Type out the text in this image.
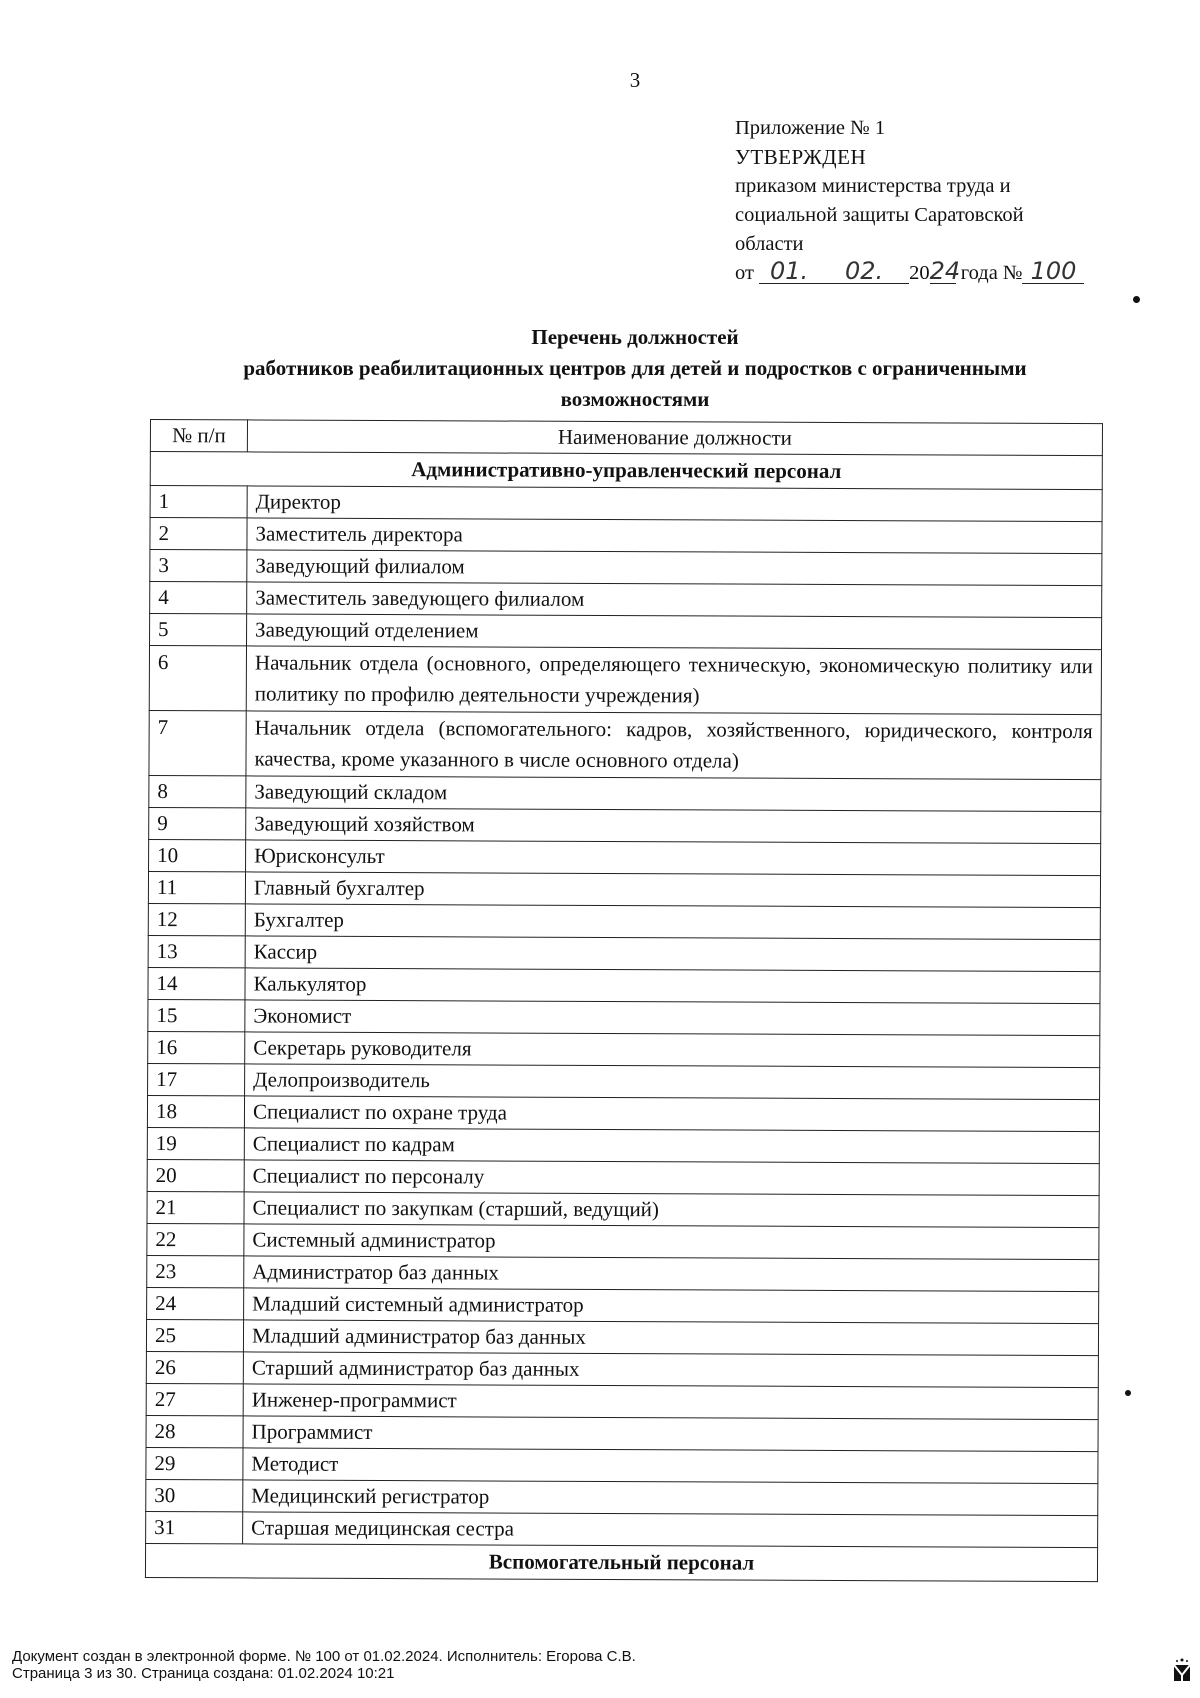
3
Приложение № 1
УТВЕРЖДЕН
приказом министерства труда и
социальной защиты Саратовской
области
от 01. 02. 2024 года № 100
Перечень должностей
работников реабилитационных центров для детей и подростков с ограниченными
возможностями
№ п/п	Наименование должности
Административно-управленческий персонал	
1	Директор
2	Заместитель директора
3	Заведующий филиалом
4	Заместитель заведующего филиалом
5	Заведующий отделением
6	Начальник отдела (основного, определяющего техническую, экономическую политику или политику по профилю деятельности учреждения)
7	Начальник отдела (вспомогательного: кадров, хозяйственного, юридического, контроля качества, кроме указанного в числе основного отдела)
8	Заведующий складом
9	Заведующий хозяйством
10	Юрисконсульт
11	Главный бухгалтер
12	Бухгалтер
13	Кассир
14	Калькулятор
15	Экономист
16	Секретарь руководителя
17	Делопроизводитель
18	Специалист по охране труда
19	Специалист по кадрам
20	Специалист по персоналу
21	Специалист по закупкам (старший, ведущий)
22	Системный администратор
23	Администратор баз данных
24	Младший системный администратор
25	Младший администратор баз данных
26	Старший администратор баз данных
27	Инженер-программист
28	Программист
29	Методист
30	Медицинский регистратор
31	Старшая медицинская сестра
Вспомогательный персонал	
Документ создан в электронной форме. № 100 от 01.02.2024. Исполнитель: Егорова С.В.
Страница 3 из 30. Страница создана: 01.02.2024 10:21
